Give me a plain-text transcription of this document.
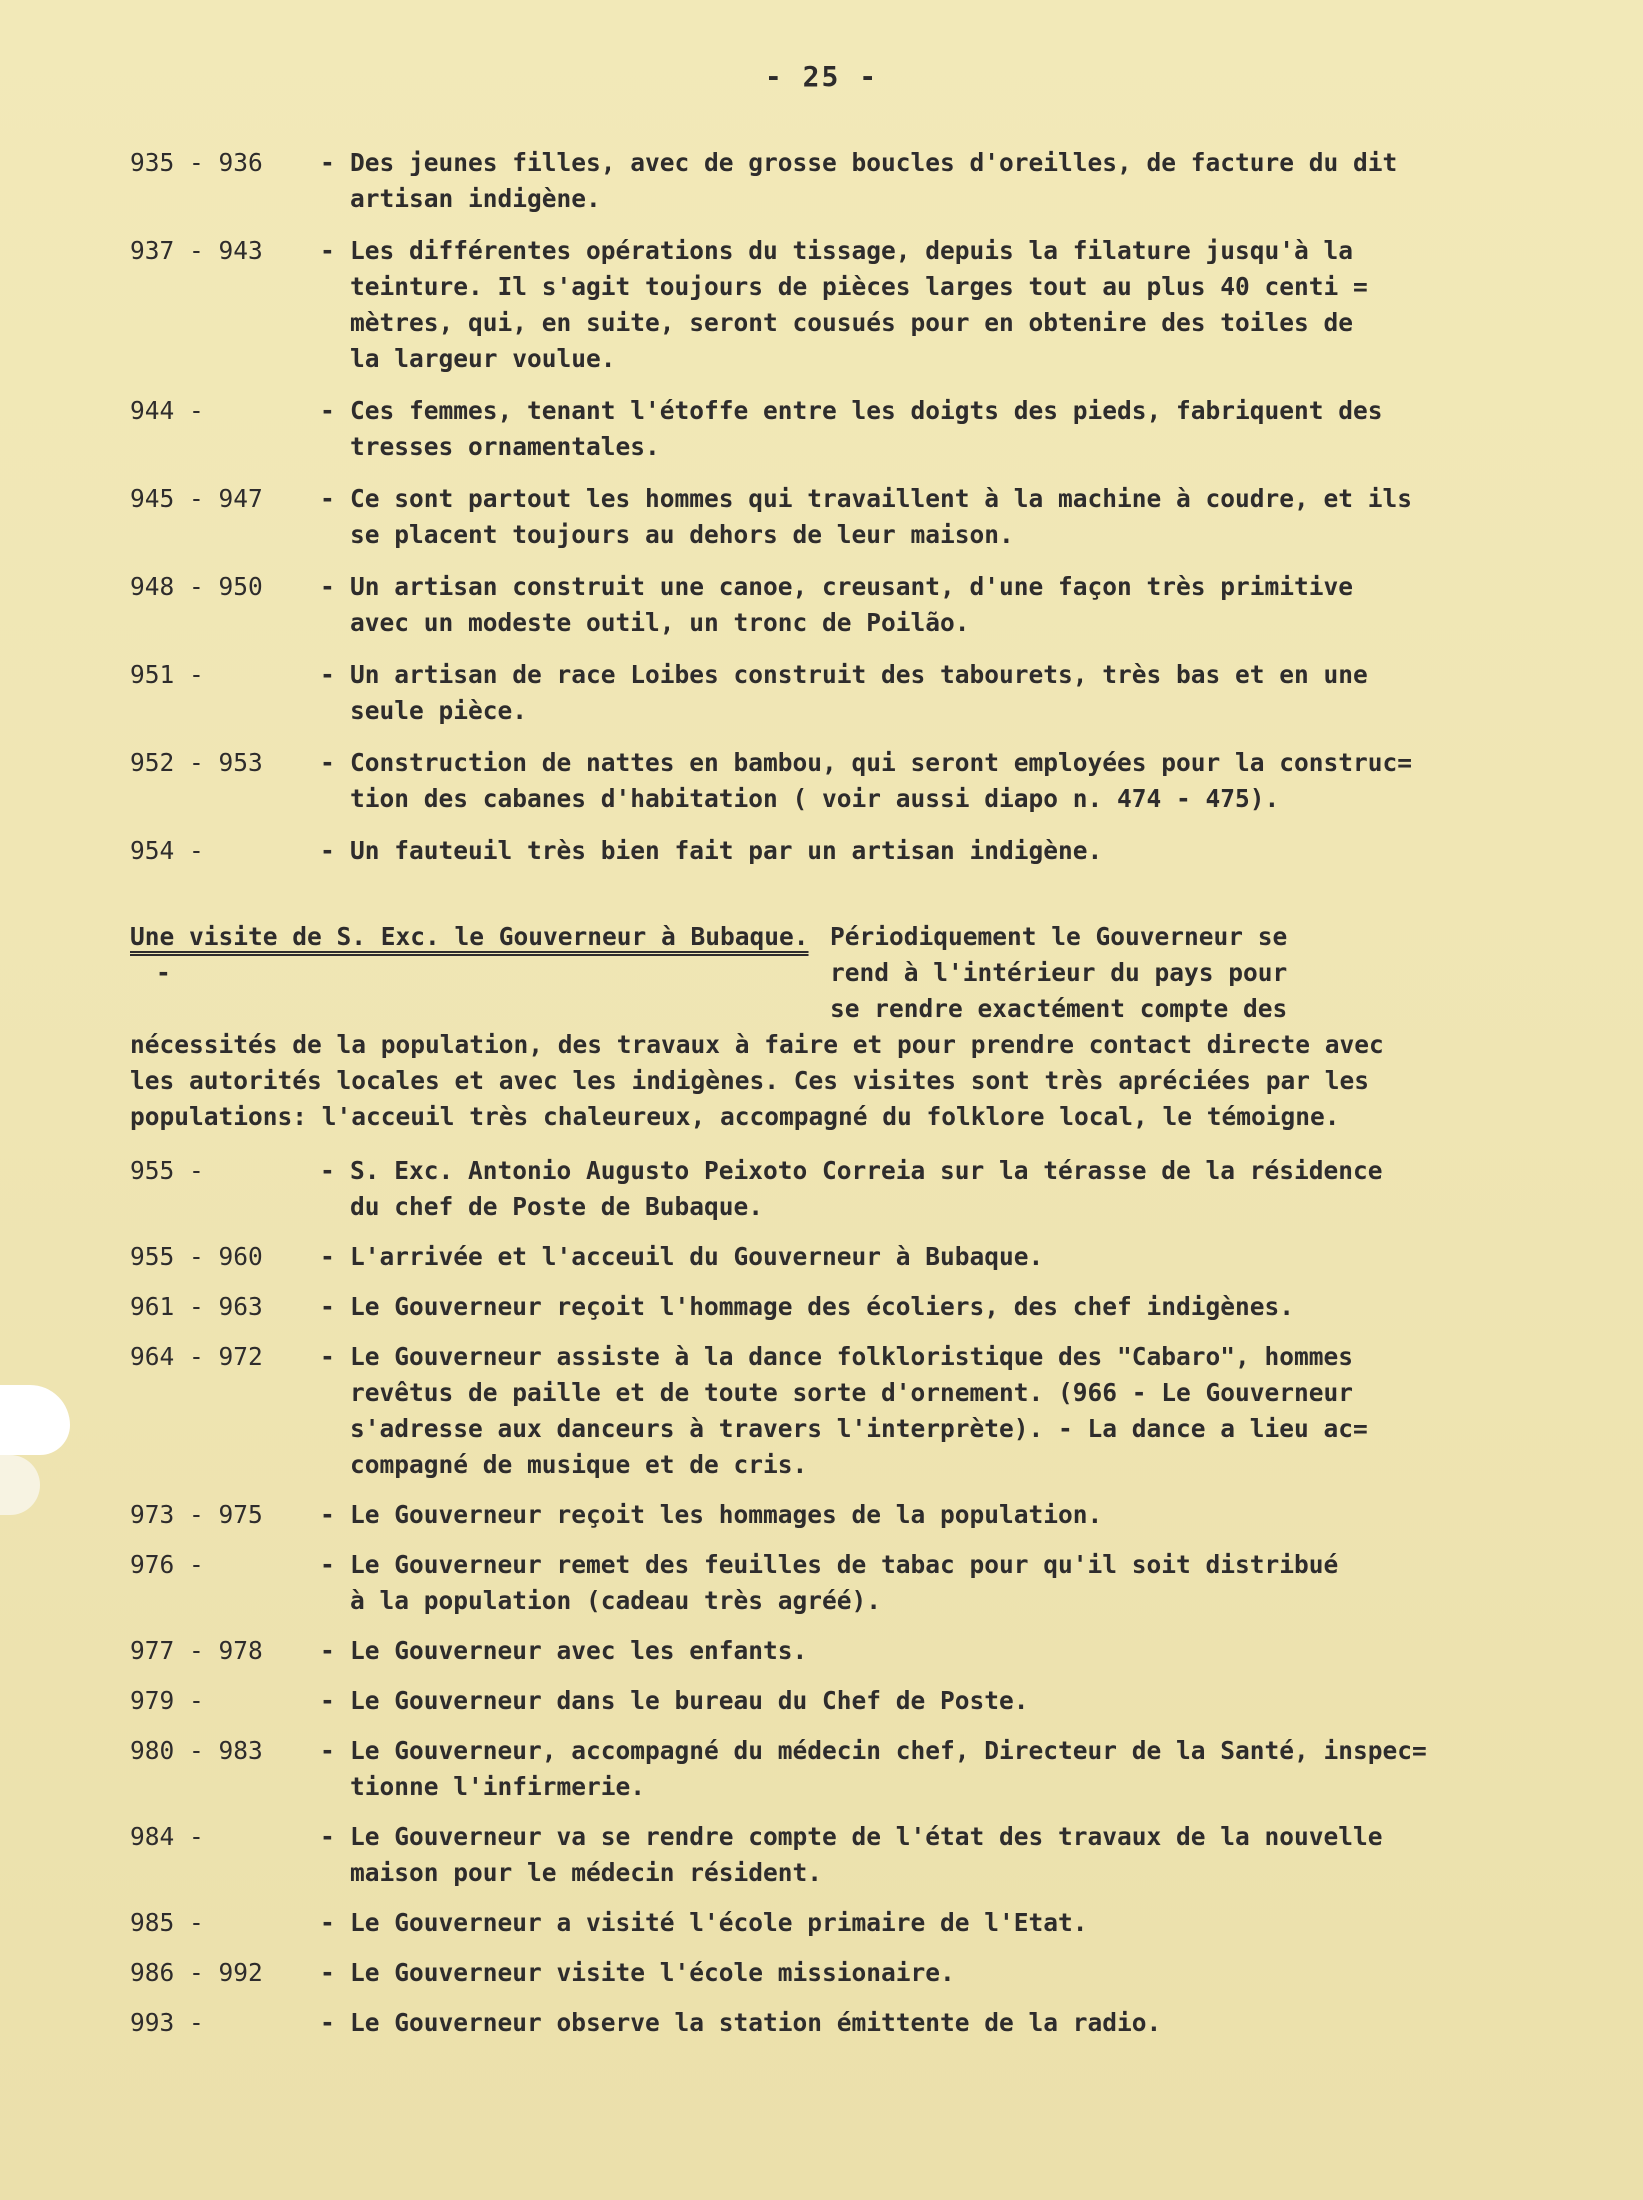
- 25 -
935 - 936	- Des jeunes filles, avec de grosse boucles d'oreilles, de facture du dit
artisan indigène.
937 - 943	- Les différentes opérations du tissage, depuis la filature jusqu'à la
teinture. Il s'agit toujours de pièces larges tout au plus 40 centi =
mètres, qui, en suite, seront cousués pour en obtenire des toiles de
la largeur voulue.
944 -	- Ces femmes, tenant l'étoffe entre les doigts des pieds, fabriquent des
tresses ornamentales.
945 - 947	- Ce sont partout les hommes qui travaillent à la machine à coudre, et ils
se placent toujours au dehors de leur maison.
948 - 950	- Un artisan construit une canoe, creusant, d'une façon très primitive
avec un modeste outil, un tronc de Poilão.
951 -	- Un artisan de race Loibes construit des tabourets, très bas et en une
seule pièce.
952 - 953	- Construction de nattes en bambou, qui seront employées pour la construc=
tion des cabanes d'habitation ( voir aussi diapo n. 474 - 475).
954 -	- Un fauteuil très bien fait par un artisan indigène.
Une visite de S. Exc. le Gouverneur à Bubaque. -
Périodiquement le Gouverneur se
rend à l'intérieur du pays pour
se rendre exactément compte des
nécessités de la population, des travaux à faire et pour prendre contact directe avec
les autorités locales et avec les indigènes. Ces visites sont très apréciées par les
populations: l'acceuil très chaleureux, accompagné du folklore local, le témoigne.
955 -	- S. Exc. Antonio Augusto Peixoto Correia sur la térasse de la résidence
du chef de Poste de Bubaque.
955 - 960	- L'arrivée et l'acceuil du Gouverneur à Bubaque.
961 - 963	- Le Gouverneur reçoit l'hommage des écoliers, des chef indigènes.
964 - 972	- Le Gouverneur assiste à la dance folkloristique des "Cabaro", hommes
revêtus de paille et de toute sorte d'ornement. (966 - Le Gouverneur
s'adresse aux danceurs à travers l'interprète). - La dance a lieu ac=
compagné de musique et de cris.
973 - 975	- Le Gouverneur reçoit les hommages de la population.
976 -	- Le Gouverneur remet des feuilles de tabac pour qu'il soit distribué
à la population (cadeau très agréé).
977 - 978	- Le Gouverneur avec les enfants.
979 -	- Le Gouverneur dans le bureau du Chef de Poste.
980 - 983	- Le Gouverneur, accompagné du médecin chef, Directeur de la Santé, inspec=
tionne l'infirmerie.
984 -	- Le Gouverneur va se rendre compte de l'état des travaux de la nouvelle
maison pour le médecin résident.
985 -	- Le Gouverneur a visité l'école primaire de l'Etat.
986 - 992	- Le Gouverneur visite l'école missionaire.
993 -	- Le Gouverneur observe la station émittente de la radio.
